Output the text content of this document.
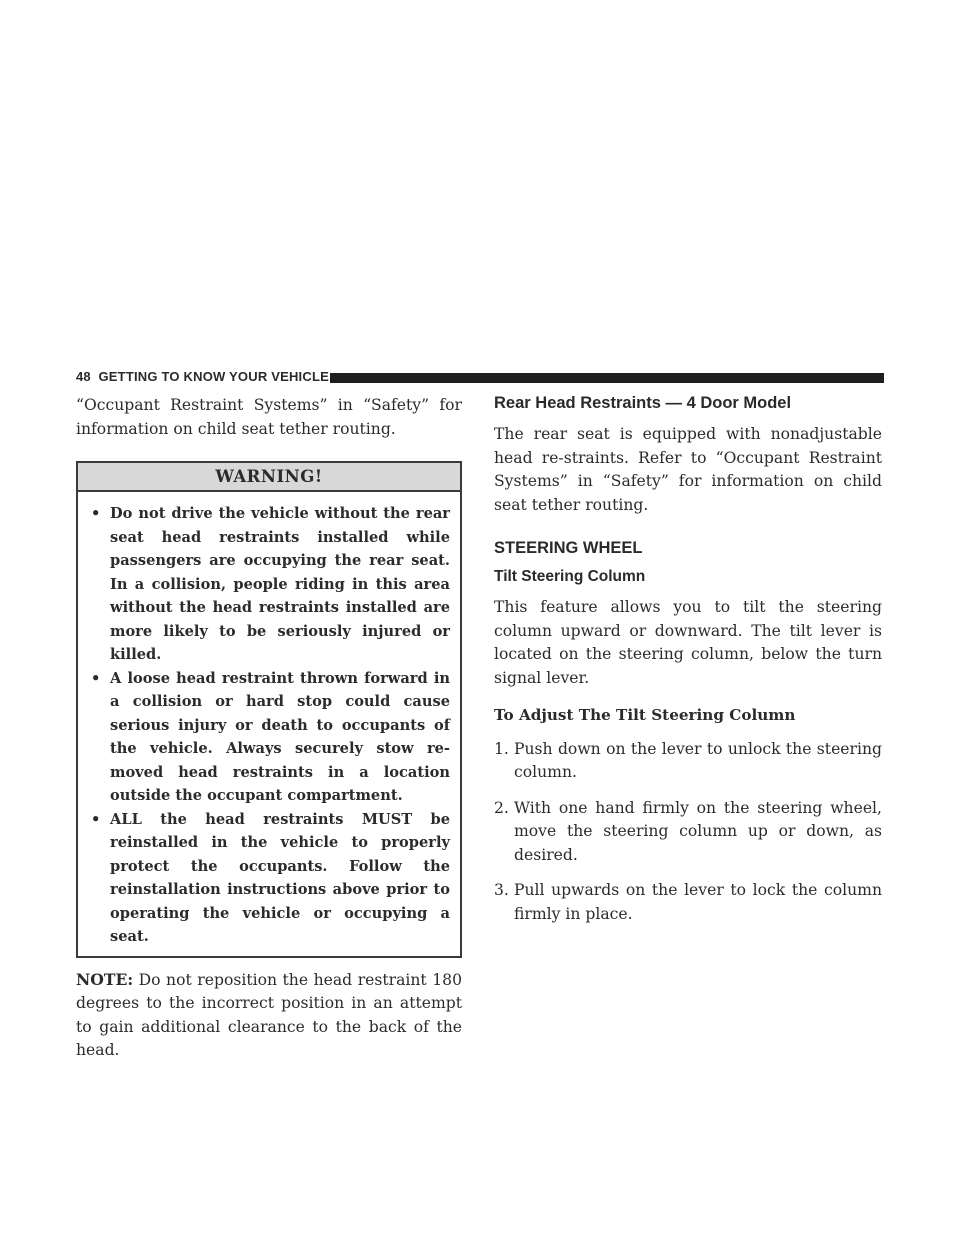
48 GETTING TO KNOW YOUR VEHICLE

“Occupant Restraint Systems” in “Safety” for information on child seat tether routing.

WARNING!
• Do not drive the vehicle without the rear seat head restraints installed while passengers are occupying the rear seat. In a collision, people riding in this area without the head restraints installed are more likely to be seriously injured or killed.
• A loose head restraint thrown forward in a collision or hard stop could cause serious injury or death to occupants of the vehicle. Always securely stow re-moved head restraints in a location outside the occupant compartment.
• ALL the head restraints MUST be reinstalled in the vehicle to properly protect the occupants. Follow the reinstallation instructions above prior to operating the vehicle or occupying a seat.

NOTE: Do not reposition the head restraint 180 degrees to the incorrect position in an attempt to gain additional clearance to the back of the head.

Rear Head Restraints — 4 Door Model

The rear seat is equipped with nonadjustable head re-straints. Refer to “Occupant Restraint Systems” in “Safety” for information on child seat tether routing.

STEERING WHEEL
Tilt Steering Column

This feature allows you to tilt the steering column upward or downward. The tilt lever is located on the steering column, below the turn signal lever.

To Adjust The Tilt Steering Column
1. Push down on the lever to unlock the steering column.
2. With one hand firmly on the steering wheel, move the steering column up or down, as desired.
3. Pull upwards on the lever to lock the column firmly in place.
